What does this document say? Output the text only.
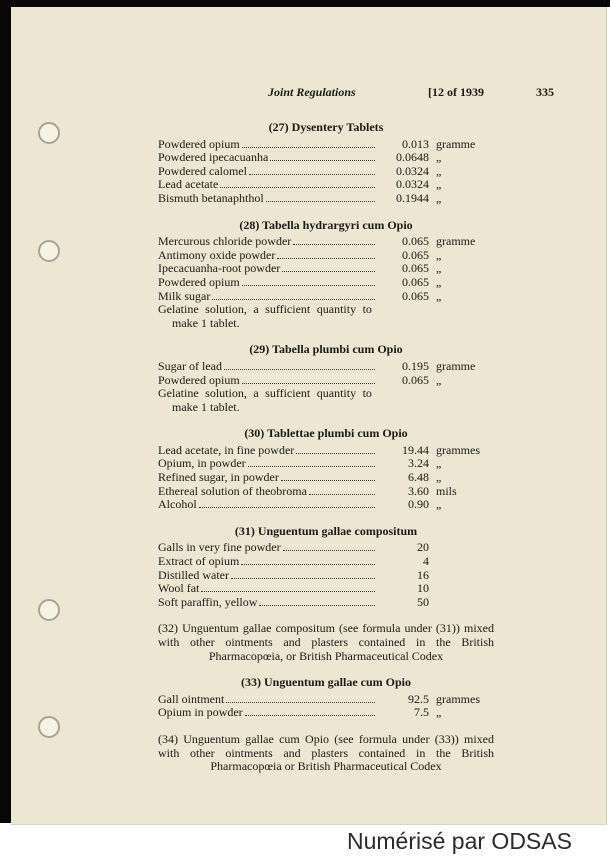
Joint Regulations	[12 of 1939	335
(27) Dysentery Tablets
Powdered opium	0.013 gramme
Powdered ipecacuanha	0.0648 „
Powdered calomel	0.0324 „
Lead acetate	0.0324 „
Bismuth betanaphthol	0.1944 „
(28) Tabella hydrargyri cum Opio
Mercurous chloride powder	0.065 gramme
Antimony oxide powder	0.065 „
Ipecacuanha-root powder	0.065 „
Powdered opium	0.065 „
Milk sugar	0.065 „
Gelatine solution, a sufficient quantity to
make 1 tablet.
(29) Tabella plumbi cum Opio
Sugar of lead	0.195 gramme
Powdered opium	0.065 „
Gelatine solution, a sufficient quantity to
make 1 tablet.
(30) Tablettae plumbi cum Opio
Lead acetate, in fine powder	19.44 grammes
Opium, in powder	3.24 „
Refined sugar, in powder	6.48 „
Ethereal solution of theobroma	3.60 mils
Alcohol	0.90 „
(31) Unguentum gallae compositum
Galls in very fine powder	20
Extract of opium	4
Distilled water	16
Wool fat	10
Soft paraffin, yellow	50
(32) Unguentum gallae compositum (see formula under (31)) mixed with other ointments and plasters contained in the British Pharmacopœia, or British Pharmaceutical Codex
(33) Unguentum gallae cum Opio
Gall ointment	92.5 grammes
Opium in powder	7.5 „
(34) Unguentum gallae cum Opio (see formula under (33)) mixed with other ointments and plasters contained in the British Pharmacopœia or British Pharmaceutical Codex
Numérisé par ODSAS
